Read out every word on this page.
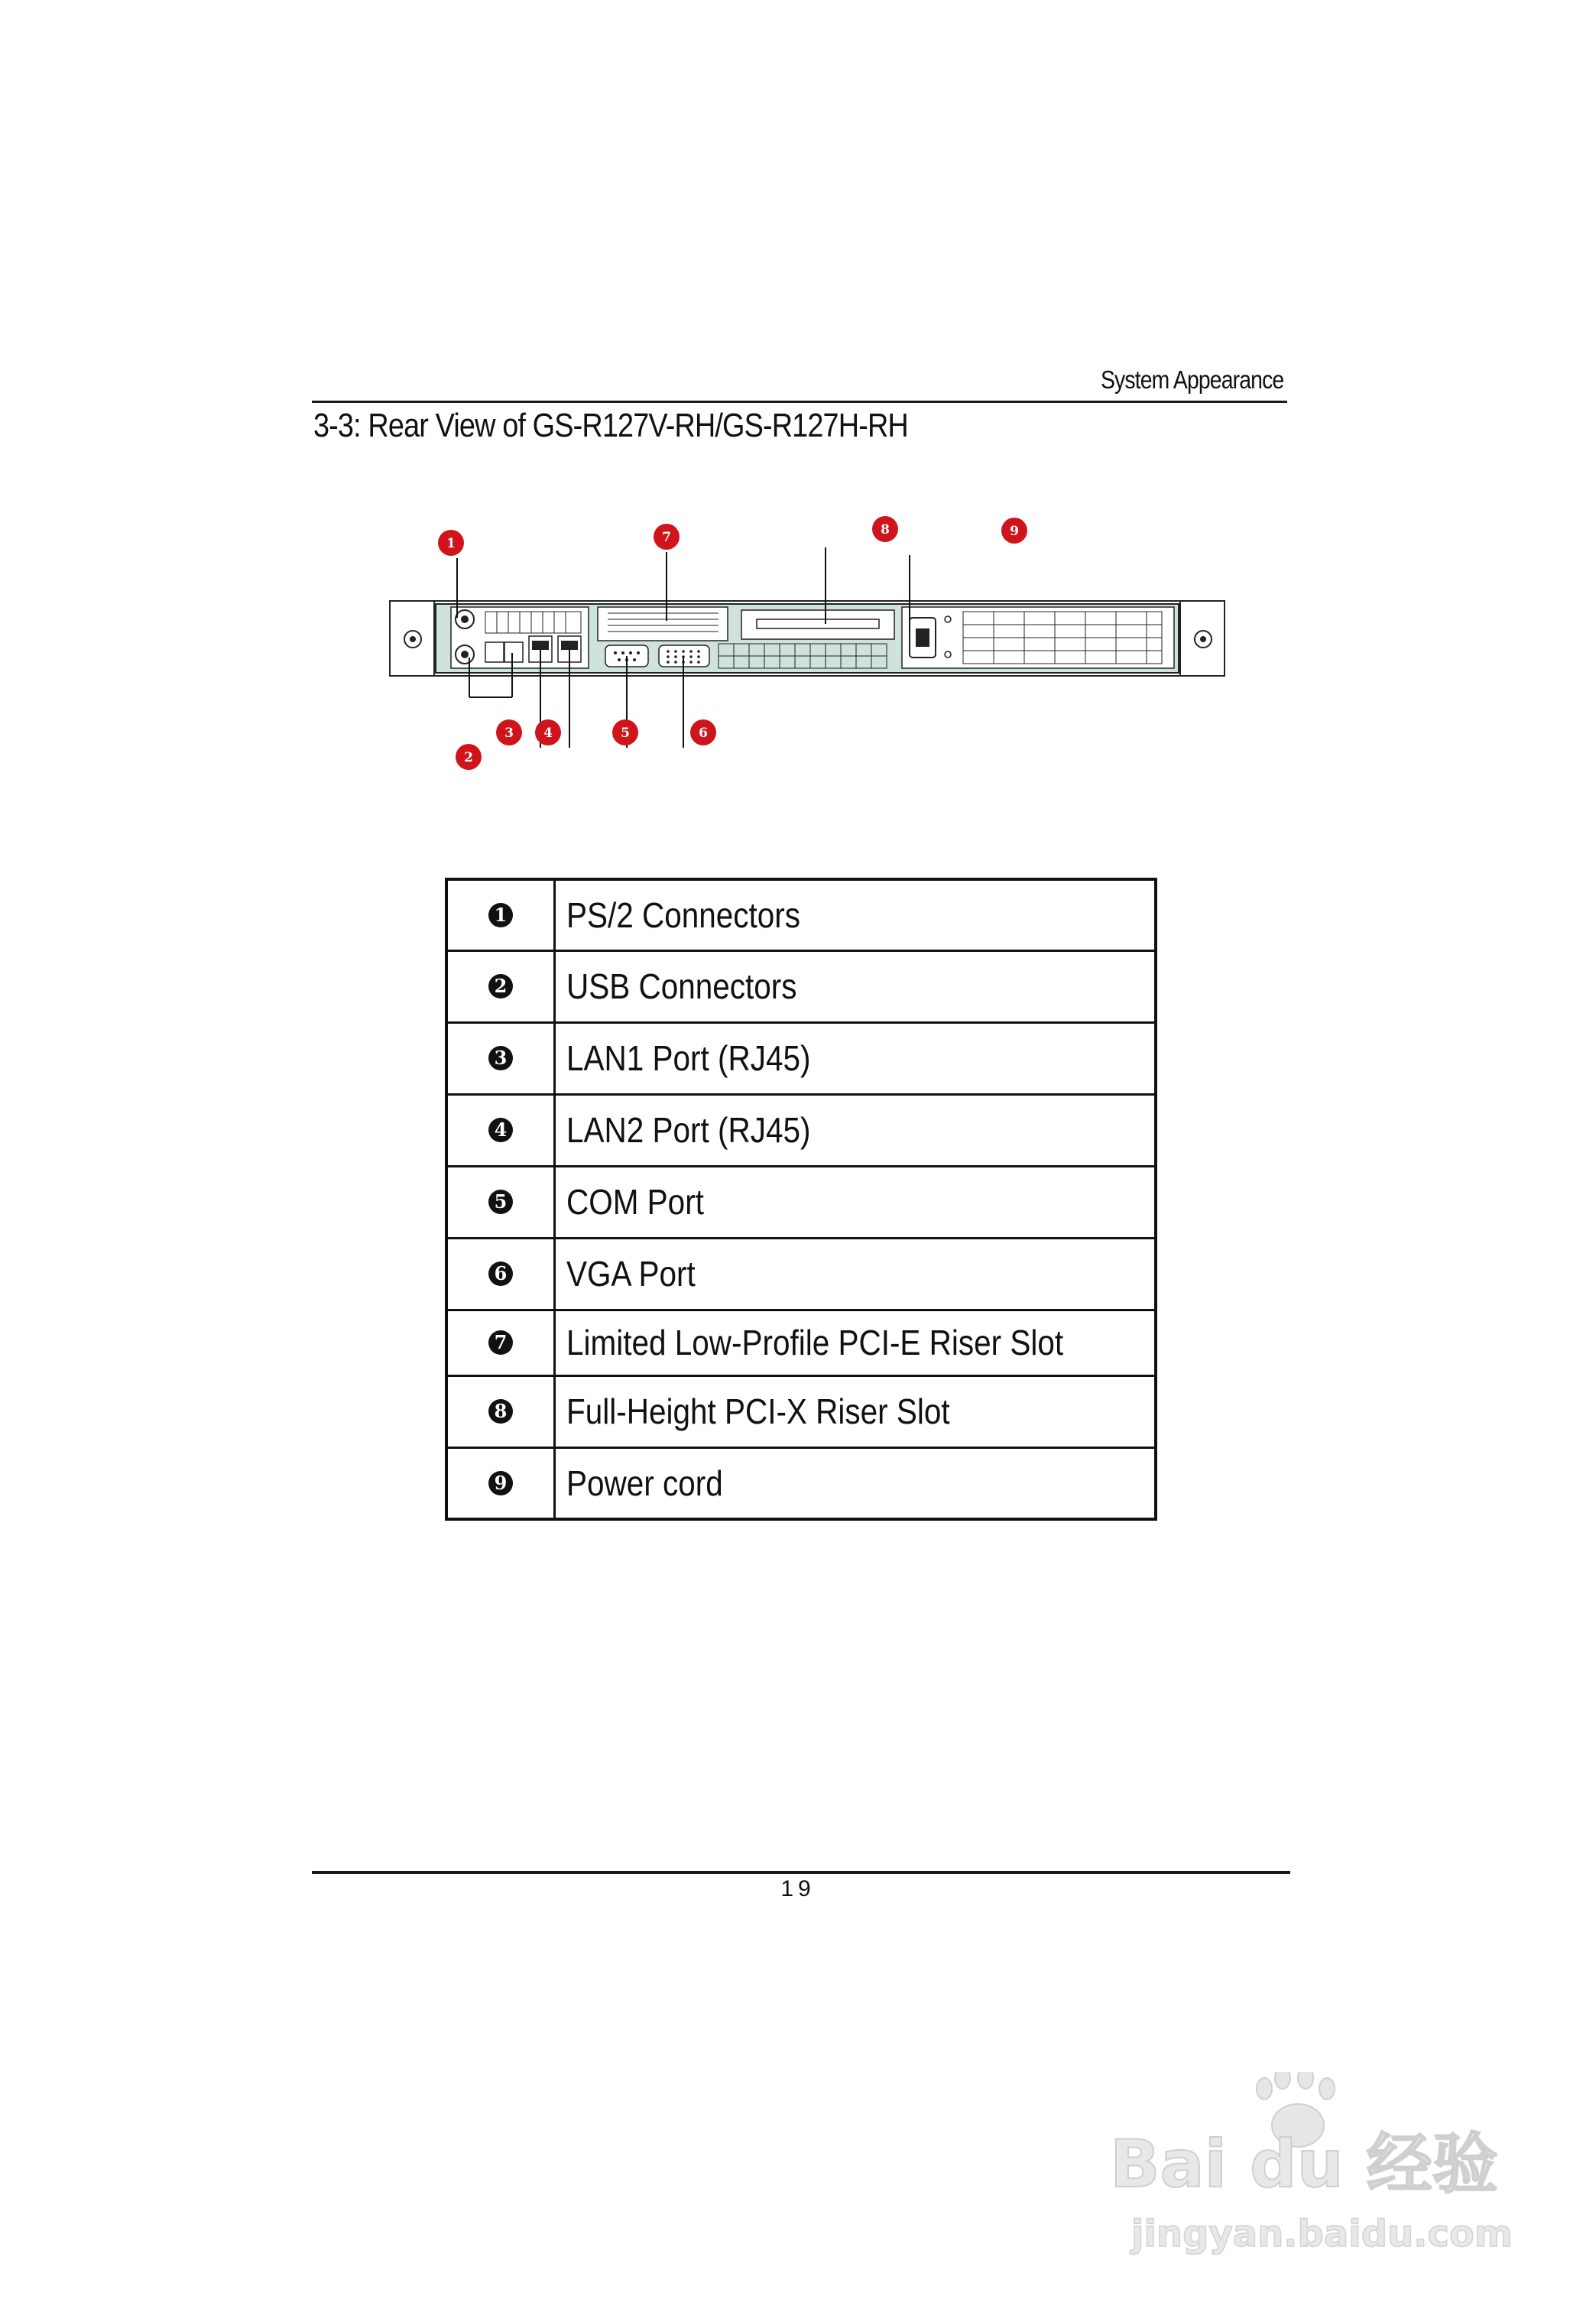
System Appearance
3-3: Rear View of GS-R127V-RH/GS-R127H-RH
1
2
3 4	5	6
7	8	9
1	PS/2 Connectors
2	USB Connectors
3	LAN1 Port (RJ45)
4	LAN2 Port (RJ45)
5	COM Port
6	VGA Port
7	Limited Low-Profile PCI-E Riser Slot
8	Full-Height PCI-X Riser Slot
9	Power cord
19
Bai du 经验
jingyan.baidu.com
